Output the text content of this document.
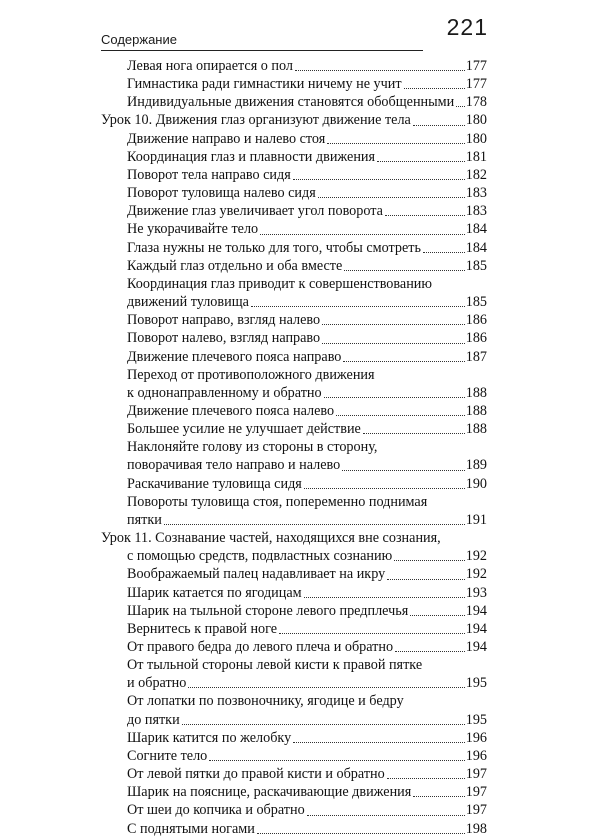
Содержание	221
Левая нога опирается о пол	177
Гимнастика ради гимнастики ничему не учит	177
Индивидуальные движения становятся обобщенными 178
Урок 10. Движения глаз организуют движение тела	180
Движение направо и налево стоя	180
Координация глаз и плавности движения	181
Поворот тела направо сидя	182
Поворот туловища налево сидя	183
Движение глаз увеличивает угол поворота	183
Не укорачивайте тело	184
Глаза нужны не только для того, чтобы смотреть	184
Каждый глаз отдельно и оба вместе	185
Координация глаз приводит к совершенствованию
движений туловища	185
Поворот направо, взгляд налево	186
Поворот налево, взгляд направо	186
Движение плечевого пояса направо	187
Переход от противоположного движения
к однонаправленному и обратно	188
Движение плечевого пояса налево	188
Большее усилие не улучшает действие	188
Наклоняйте голову из стороны в сторону,
поворачивая тело направо и налево	189
Раскачивание туловища сидя	190
Повороты туловища стоя, попеременно поднимая
пятки	191
Урок 11. Сознавание частей, находящихся вне сознания,
с помощью средств, подвластных сознанию	192
Воображаемый палец надавливает на икру	192
Шарик катается по ягодицам	193
Шарик на тыльной стороне левого предплечья	194
Вернитесь к правой ноге	194
От правого бедра до левого плеча и обратно	194
От тыльной стороны левой кисти к правой пятке
и обратно	195
От лопатки по позвоночнику, ягодице и бедру
до пятки	195
Шарик катится по желобку	196
Согните тело	196
От левой пятки до правой кисти и обратно	197
Шарик на пояснице, раскачивающие движения	197
От шеи до копчика и обратно	197
С поднятыми ногами	198
